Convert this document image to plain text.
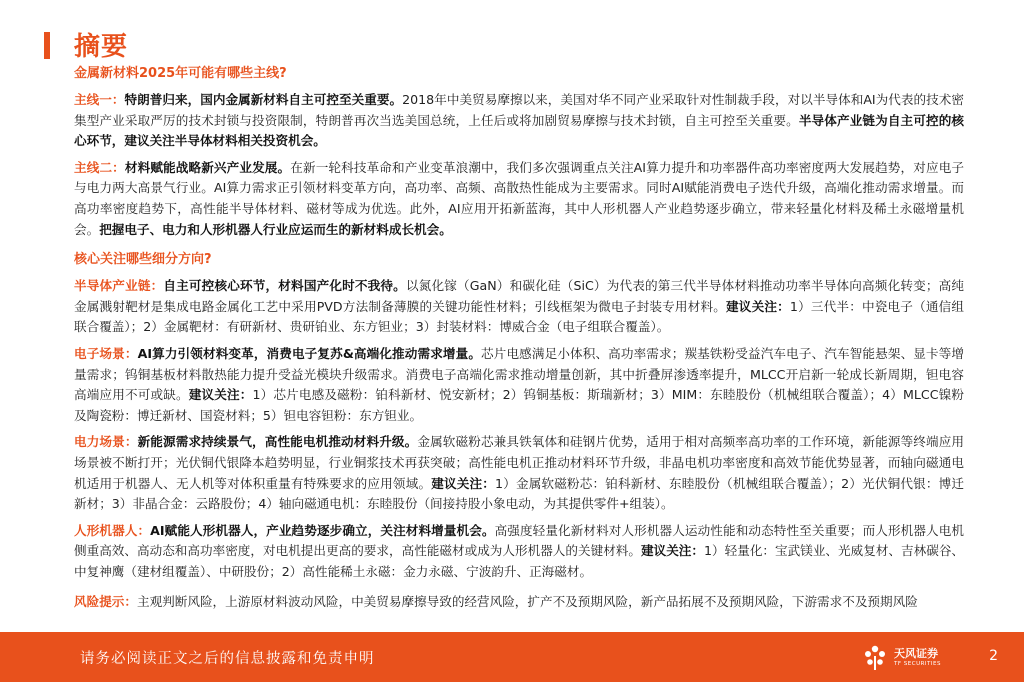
摘要
金属新材料2025年可能有哪些主线?

主线一：特朗普归来，国内金属新材料自主可控至关重要。2018年中美贸易摩擦以来，美国对华不同产业采取针对性制裁手段，对以半导体和AI为代表的技术密集型产业采取严厉的技术封锁与投资限制，特朗普再次当选美国总统，上任后或将加剧贸易摩擦与技术封锁，自主可控至关重要。半导体产业链为自主可控的核心环节，建议关注半导体材料相关投资机会。

主线二：材料赋能战略新兴产业发展。在新一轮科技革命和产业变革浪潮中，我们多次强调重点关注AI算力提升和功率器件高功率密度两大发展趋势，对应电子与电力两大高景气行业。AI算力需求正引领材料变革方向，高功率、高频、高散热性能成为主要需求。同时AI赋能消费电子迭代升级，高端化推动需求增量。而高功率密度趋势下，高性能半导体材料、磁材等成为优选。此外，AI应用开拓新蓝海，其中人形机器人产业趋势逐步确立，带来轻量化材料及稀土永磁增量机会。把握电子、电力和人形机器人行业应运而生的新材料成长机会。

核心关注哪些细分方向?

半导体产业链：自主可控核心环节，材料国产化时不我待。以氮化镓（GaN）和碳化硅（SiC）为代表的第三代半导体材料推动功率半导体向高频化转变；高纯金属溅射靶材是集成电路金属化工艺中采用PVD方法制备薄膜的关键功能性材料；引线框架为微电子封装专用材料。建议关注：1）三代半：中瓷电子（通信组联合覆盖）；2）金属靶材：有研新材、贵研铂业、东方钽业；3）封装材料：博威合金（电子组联合覆盖）。

电子场景：AI算力引领材料变革，消费电子复苏&高端化推动需求增量。芯片电感满足小体积、高功率需求；羰基铁粉受益汽车电子、汽车智能悬架、显卡等增量需求；钨铜基板材料散热能力提升受益光模块升级需求。消费电子高端化需求推动增量创新，其中折叠屏渗透率提升，MLCC开启新一轮成长新周期，钽电容高端应用不可或缺。建议关注：1）芯片电感及磁粉：铂科新材、悦安新材；2）钨铜基板：斯瑞新材；3）MIM：东睦股份（机械组联合覆盖）；4）MLCC镍粉及陶瓷粉：博迁新材、国瓷材料；5）钽电容钽粉：东方钽业。

电力场景：新能源需求持续景气，高性能电机推动材料升级。金属软磁粉芯兼具铁氧体和硅钢片优势，适用于相对高频率高功率的工作环境，新能源等终端应用场景被不断打开；光伏铜代银降本趋势明显，行业铜浆技术再获突破；高性能电机正推动材料环节升级，非晶电机功率密度和高效节能优势显著，而轴向磁通电机适用于机器人、无人机等对体积重量有特殊要求的应用领域。建议关注：1）金属软磁粉芯：铂科新材、东睦股份（机械组联合覆盖）；2）光伏铜代银：博迁新材；3）非晶合金：云路股份；4）轴向磁通电机：东睦股份（间接持股小象电动，为其提供零件+组装）。

人形机器人：AI赋能人形机器人，产业趋势逐步确立，关注材料增量机会。高强度轻量化新材料对人形机器人运动性能和动态特性至关重要；而人形机器人电机侧重高效、高动态和高功率密度，对电机提出更高的要求，高性能磁材或成为人形机器人的关键材料。建议关注：1）轻量化：宝武镁业、光威复材、吉林碳谷、中复神鹰（建材组覆盖）、中研股份；2）高性能稀土永磁：金力永磁、宁波韵升、正海磁材。

风险提示：主观判断风险，上游原材料波动风险，中美贸易摩擦导致的经营风险，扩产不及预期风险，新产品拓展不及预期风险，下游需求不及预期风险

请务必阅读正文之后的信息披露和免责申明	天风证券
TF SECURITIES	2
